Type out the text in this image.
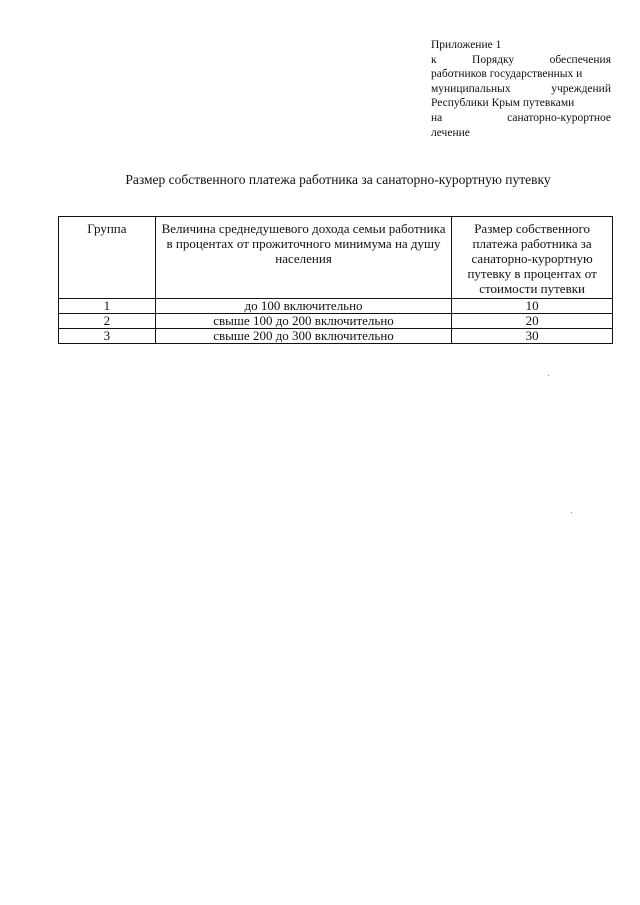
Приложение 1
к	Порядку	обеспечения
работников государственных и
муниципальных	учреждений
Республики Крым путевками
на	санаторно-курортное
лечение
Размер собственного платежа работника за санаторно-курортную путевку
Группа	Величина среднедушевого дохода семьи работника в процентах от прожиточного минимума на душу населения	Размер собственного платежа работника за санаторно-курортную путевку в процентах от стоимости путевки
1	до 100 включительно	10
2	свыше 100 до 200 включительно	20
3	свыше 200 до 300 включительно	30
